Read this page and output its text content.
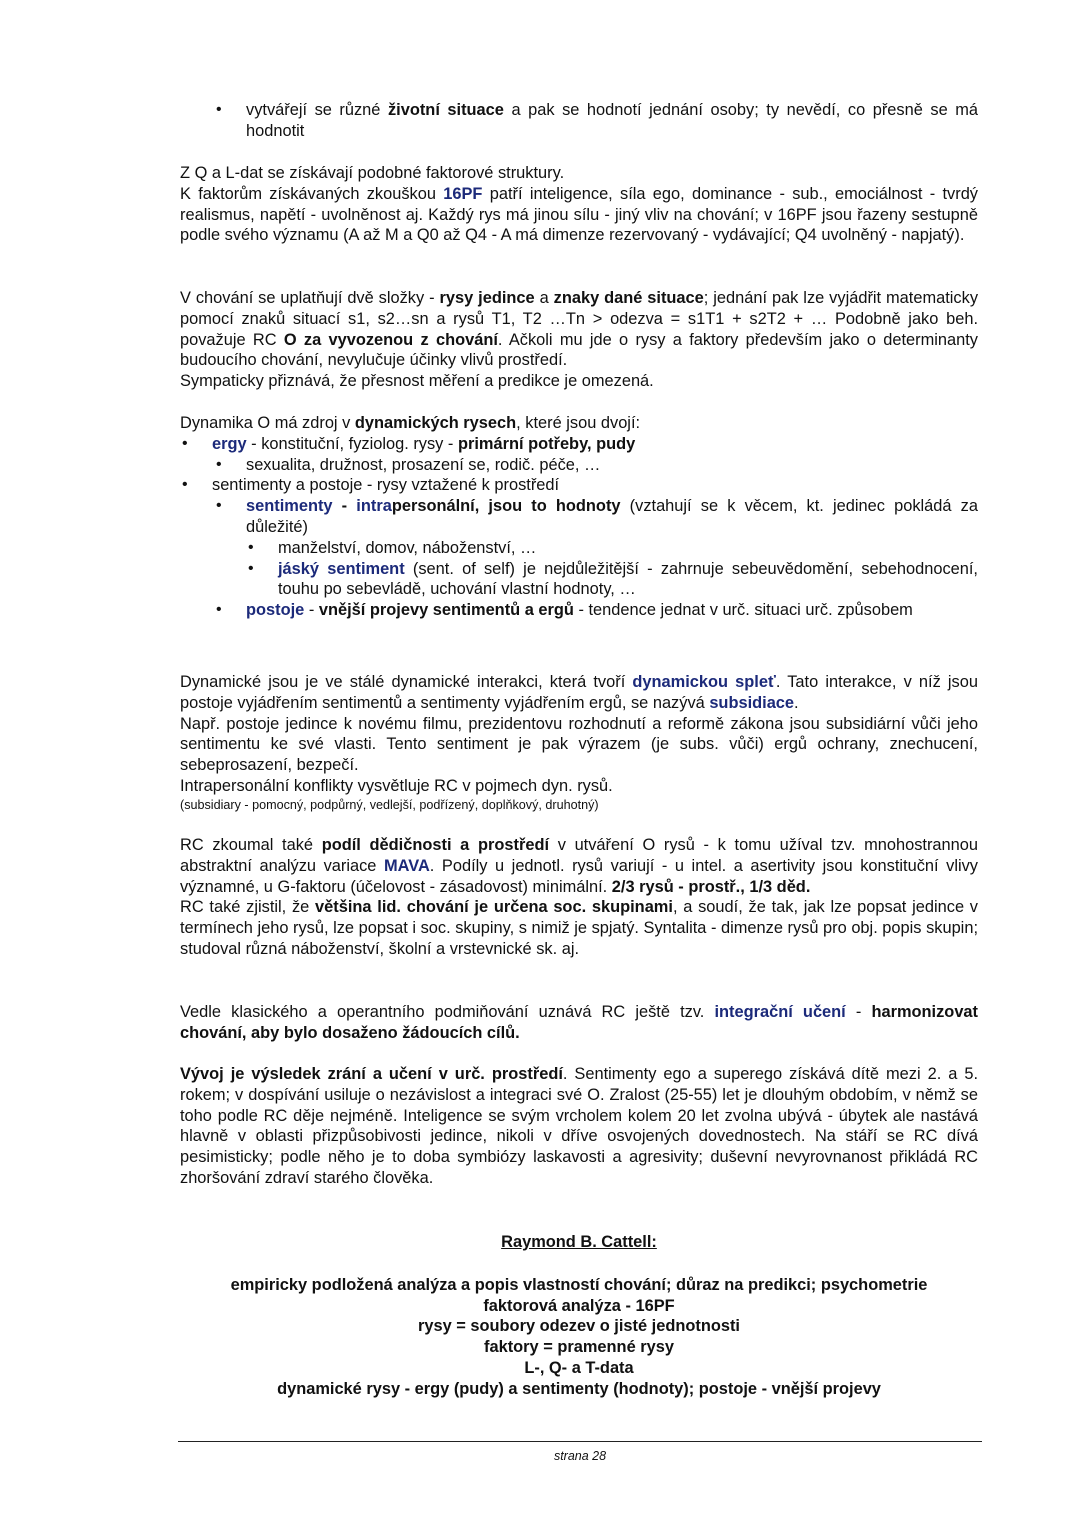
• vytvářejí se různé životní situace a pak se hodnotí jednání osoby; ty nevědí, co přesně se má hodnotit

Z Q a L-dat se získávají podobné faktorové struktury.

K faktorům získávaných zkouškou 16PF patří inteligence, síla ego, dominance - sub., emociálnost - tvrdý realismus, napětí - uvolněnost aj. Každý rys má jinou sílu - jiný vliv na chování; v 16PF jsou řazeny sestupně podle svého významu (A až M a Q0 až Q4 - A má dimenze rezervovaný - vydávající; Q4 uvolněný - napjatý).

V chování se uplatňují dvě složky - rysy jedince a znaky dané situace; jednání pak lze vyjádřit matematicky pomocí znaků situací s1, s2…sn a rysů T1, T2 …Tn > odezva = s1T1 + s2T2 + … Podobně jako beh. považuje RC O za vyvozenou z chování. Ačkoli mu jde o rysy a faktory především jako o determinanty budoucího chování, nevylučuje účinky vlivů prostředí.

Sympaticky přiznává, že přesnost měření a predikce je omezená.

Dynamika O má zdroj v dynamických rysech, které jsou dvojí:

• ergy - konstituční, fyziolog. rysy - primární potřeby, pudy

• sexualita, družnost, prosazení se, rodič. péče, …

• sentimenty a postoje - rysy vztažené k prostředí

• sentimenty - intrapersonální, jsou to hodnoty (vztahují se k věcem, kt. jedinec pokládá za důležité)

• manželství, domov, náboženství, …

• jáský sentiment (sent. of self) je nejdůležitější - zahrnuje sebeuvědomění, sebehodnocení, touhu po sebevládě, uchování vlastní hodnoty, …

• postoje - vnější projevy sentimentů a ergů - tendence jednat v urč. situaci urč. způsobem

Dynamické jsou je ve stálé dynamické interakci, která tvoří dynamickou spleť. Tato interakce, v níž jsou postoje vyjádřením sentimentů a sentimenty vyjádřením ergů, se nazývá subsidiace.

Např. postoje jedince k novému filmu, prezidentovu rozhodnutí a reformě zákona jsou subsidiární vůči jeho sentimentu ke své vlasti. Tento sentiment je pak výrazem (je subs. vůči) ergů ochrany, znechucení, sebeprosazení, bezpečí.

Intrapersonální konflikty vysvětluje RC v pojmech dyn. rysů.

(subsidiary - pomocný, podpůrný, vedlejší, podřízený, doplňkový, druhotný)

RC zkoumal také podíl dědičnosti a prostředí v utváření O rysů - k tomu užíval tzv. mnohostrannou abstraktní analýzu variace MAVA. Podíly u jednotl. rysů variují - u intel. a asertivity jsou konstituční vlivy významné, u G-faktoru (účelovost - zásadovost) minimální. 2/3 rysů - prostř., 1/3 děd.

RC také zjistil, že většina lid. chování je určena soc. skupinami, a soudí, že tak, jak lze popsat jedince v termínech jeho rysů, lze popsat i soc. skupiny, s nimiž je spjatý. Syntalita - dimenze rysů pro obj. popis skupin; studoval různá náboženství, školní a vrstevnické sk. aj.

Vedle klasického a operantního podmiňování uznává RC ještě tzv. integrační učení - harmonizovat chování, aby bylo dosaženo žádoucích cílů.

Vývoj je výsledek zrání a učení v urč. prostředí. Sentimenty ego a superego získává dítě mezi 2. a 5. rokem; v dospívání usiluje o nezávislost a integraci své O. Zralost (25-55) let je dlouhým obdobím, v němž se toho podle RC děje nejméně. Inteligence se svým vrcholem kolem 20 let zvolna ubývá - úbytek ale nastává hlavně v oblasti přizpůsobivosti jedince, nikoli v dříve osvojených dovednostech. Na stáří se RC dívá pesimisticky; podle něho je to doba symbiózy laskavosti a agresivity; duševní nevyrovnanost přikládá RC zhoršování zdraví starého člověka.

Raymond B. Cattell:

empiricky podložená analýza a popis vlastností chování; důraz na predikci; psychometrie

faktorová analýza - 16PF

rysy = soubory odezev o jisté jednotnosti

faktory = pramenné rysy

L-, Q- a T-data

dynamické rysy - ergy (pudy) a sentimenty (hodnoty); postoje - vnější projevy

strana 28
